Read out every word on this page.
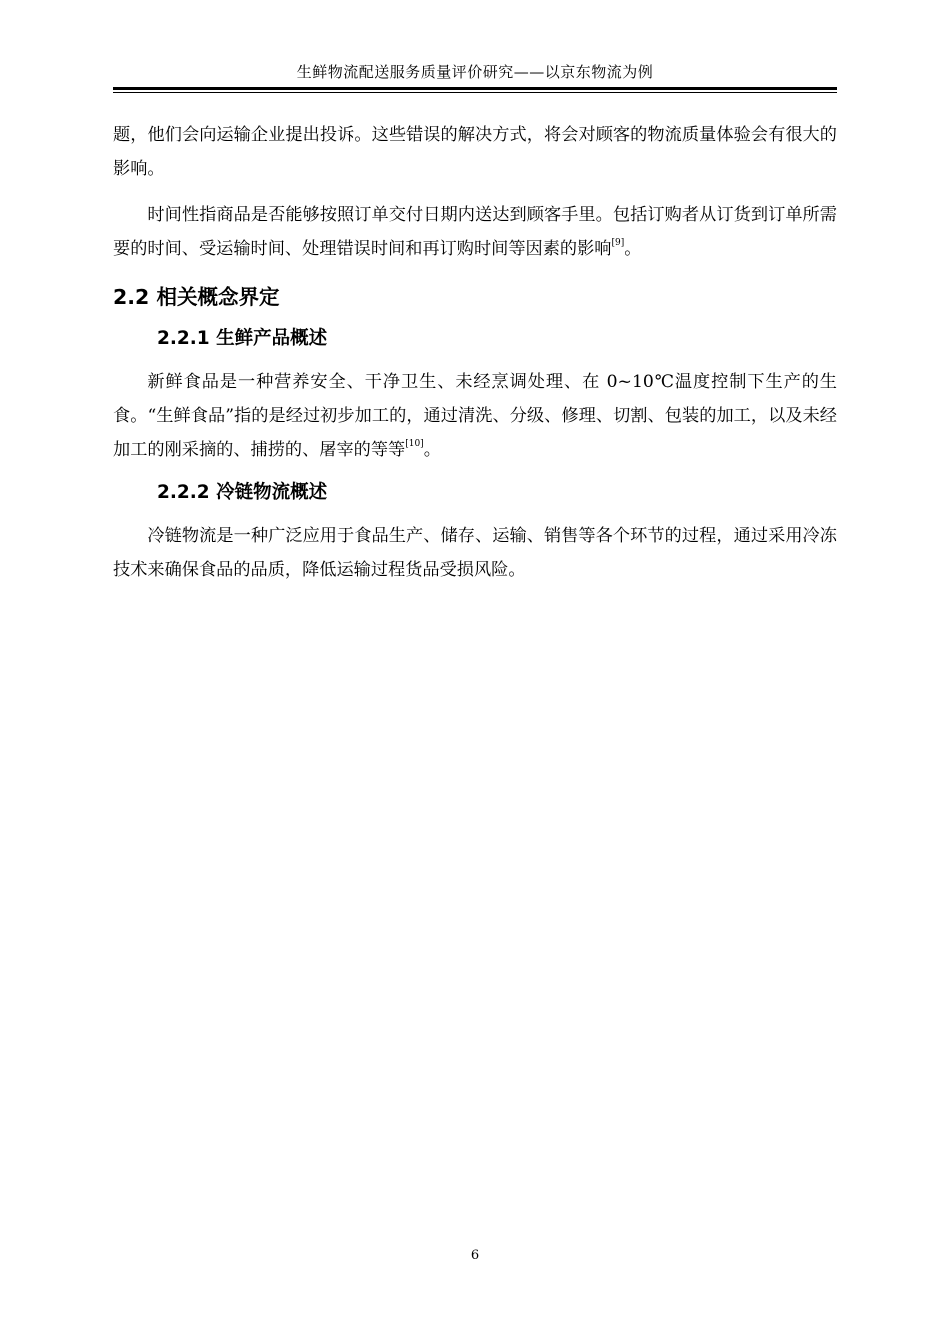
生鲜物流配送服务质量评价研究——以京东物流为例

题，他们会向运输企业提出投诉。这些错误的解决方式，将会对顾客的物流质量体验会有很大的影响。

时间性指商品是否能够按照订单交付日期内送达到顾客手里。包括订购者从订货到订单所需要的时间、受运输时间、处理错误时间和再订购时间等因素的影响[9]。

2.2 相关概念界定
2.2.1 生鲜产品概述

新鲜食品是一种营养安全、干净卫生、未经烹调处理、在 0~10℃温度控制下生产的生食。“生鲜食品”指的是经过初步加工的，通过清洗、分级、修理、切割、包装的加工，以及未经加工的刚采摘的、捕捞的、屠宰的等等[10]。

2.2.2 冷链物流概述

冷链物流是一种广泛应用于食品生产、储存、运输、销售等各个环节的过程，通过采用冷冻技术来确保食品的品质，降低运输过程货品受损风险。

6
